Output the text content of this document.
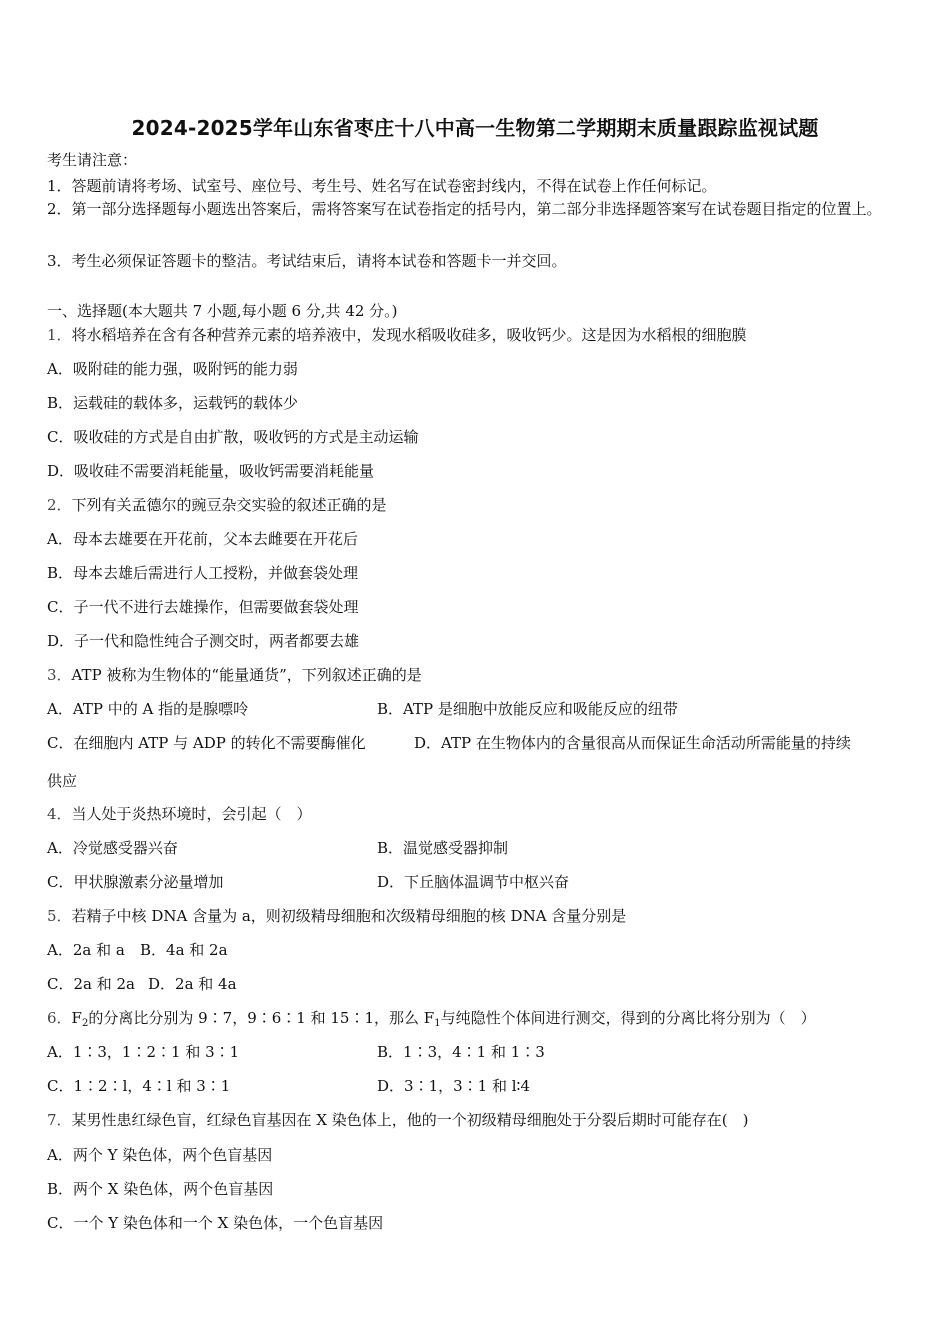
2024-2025学年山东省枣庄十八中高一生物第二学期期末质量跟踪监视试题
考生请注意：
1．答题前请将考场、试室号、座位号、考生号、姓名写在试卷密封线内，不得在试卷上作任何标记。
2．第一部分选择题每小题选出答案后，需将答案写在试卷指定的括号内，第二部分非选择题答案写在试卷题目指定的位置上。
3．考生必须保证答题卡的整洁。考试结束后，请将本试卷和答题卡一并交回。
一、选择题(本大题共 7 小题,每小题 6 分,共 42 分。)
1．将水稻培养在含有各种营养元素的培养液中，发现水稻吸收硅多，吸收钙少。这是因为水稻根的细胞膜
A．吸附硅的能力强，吸附钙的能力弱
B．运载硅的载体多，运载钙的载体少
C．吸收硅的方式是自由扩散，吸收钙的方式是主动运输
D．吸收硅不需要消耗能量，吸收钙需要消耗能量
2．下列有关孟德尔的豌豆杂交实验的叙述正确的是
A．母本去雄要在开花前，父本去雌要在开花后
B．母本去雄后需进行人工授粉，并做套袋处理
C．子一代不进行去雄操作，但需要做套袋处理
D．子一代和隐性纯合子测交时，两者都要去雄
3．ATP 被称为生物体的“能量通货”，下列叙述正确的是
A．ATP 中的 A 指的是腺嘌呤	B．ATP 是细胞中放能反应和吸能反应的纽带
C．在细胞内 ATP 与 ADP 的转化不需要酶催化	D．ATP 在生物体内的含量很高从而保证生命活动所需能量的持续
供应
4．当人处于炎热环境时，会引起（　）
A．冷觉感受器兴奋	B．温觉感受器抑制
C．甲状腺激素分泌量增加	D．下丘脑体温调节中枢兴奋
5．若精子中核 DNA 含量为 a，则初级精母细胞和次级精母细胞的核 DNA 含量分别是
A．2a 和 a B．4a 和 2a
C．2a 和 2a D．2a 和 4a
6．$F_2$的分离比分别为 9∶7，9∶6∶1 和 15∶1，那么 $F_1$与纯隐性个体间进行测交，得到的分离比将分别为（　）
A．1∶3，1∶2∶1 和 3∶1	B．1∶3，4∶1 和 1∶3
C．1∶2∶l，4∶l 和 3∶1	D．3∶1，3∶1 和 l∶4
7．某男性患红绿色盲，红绿色盲基因在 X 染色体上，他的一个初级精母细胞处于分裂后期时可能存在(　)
A．两个 Y 染色体，两个色盲基因
B．两个 X 染色体，两个色盲基因
C．一个 Y 染色体和一个 X 染色体，一个色盲基因
